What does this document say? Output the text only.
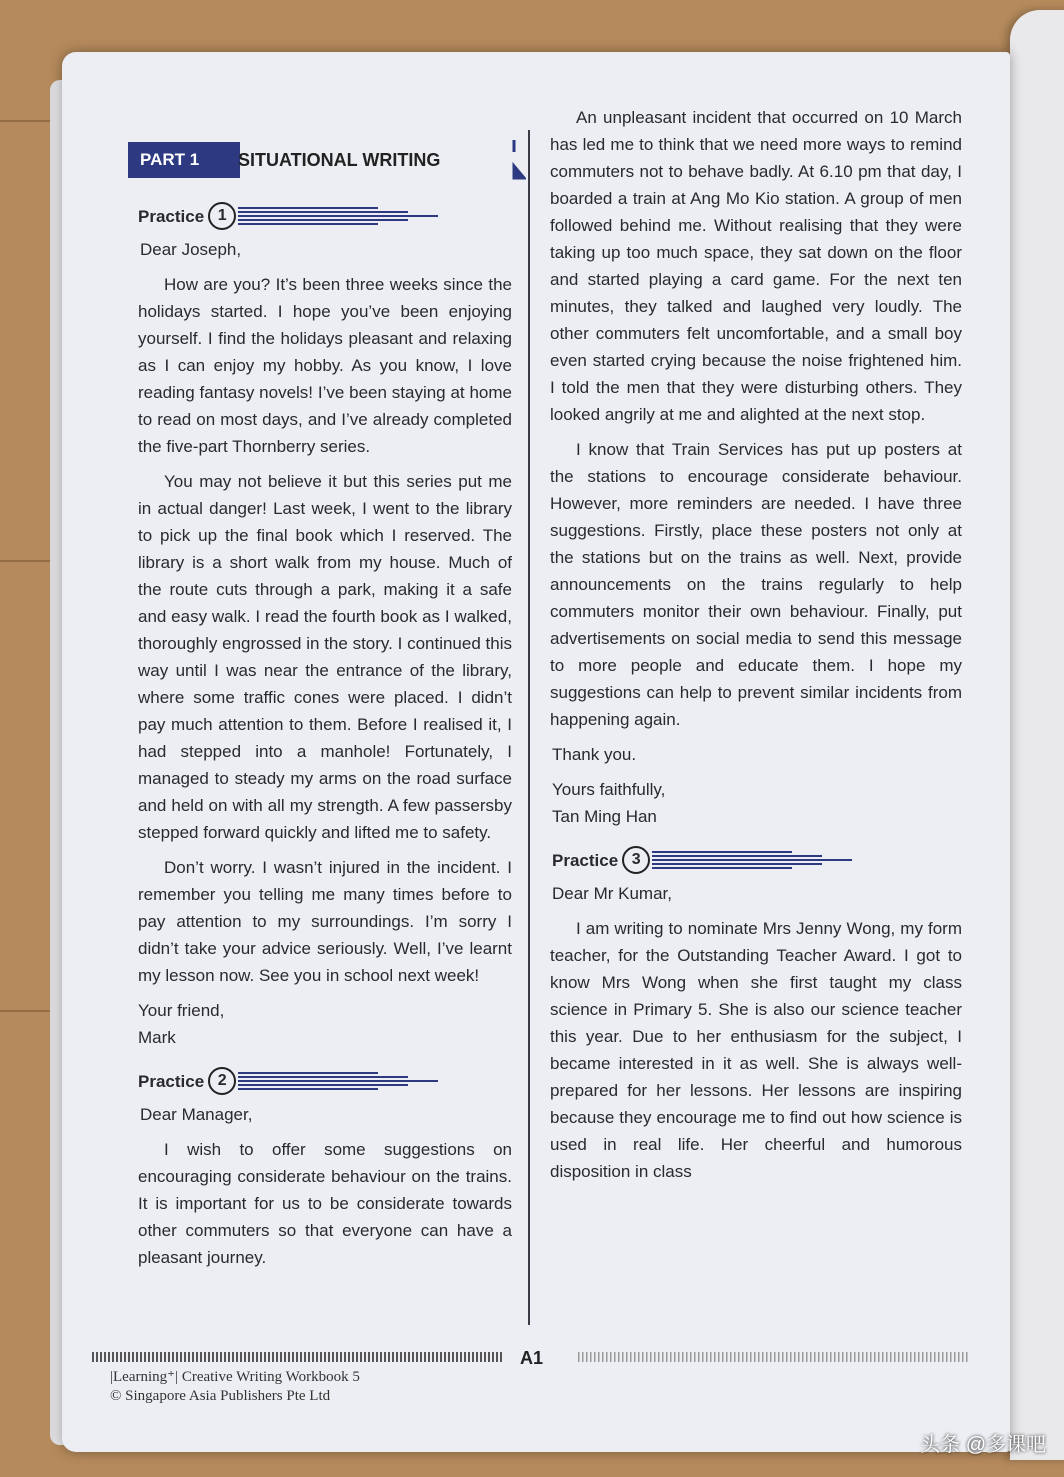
PART 1	SITUATIONAL WRITING
Practice 1

Dear Joseph,

How are you? It’s been three weeks since the holidays started. I hope you’ve been enjoying yourself. I find the holidays pleasant and relaxing as I can enjoy my hobby. As you know, I love reading fantasy novels! I’ve been staying at home to read on most days, and I’ve already completed the five-part Thornberry series.

You may not believe it but this series put me in actual danger! Last week, I went to the library to pick up the final book which I reserved. The library is a short walk from my house. Much of the route cuts through a park, making it a safe and easy walk. I read the fourth book as I walked, thoroughly engrossed in the story. I continued this way until I was near the entrance of the library, where some traffic cones were placed. I didn’t pay much attention to them. Before I realised it, I had stepped into a manhole! Fortunately, I managed to steady my arms on the road surface and held on with all my strength. A few passersby stepped forward quickly and lifted me to safety.

Don’t worry. I wasn’t injured in the incident. I remember you telling me many times before to pay attention to my surroundings. I’m sorry I didn’t take your advice seriously. Well, I’ve learnt my lesson now. See you in school next week!

Your friend,

Mark

Practice 2

Dear Manager,

I wish to offer some suggestions on encouraging considerate behaviour on the trains. It is important for us to be considerate towards other commuters so that everyone can have a pleasant journey.

An unpleasant incident that occurred on 10 March has led me to think that we need more ways to remind commuters not to behave badly. At 6.10 pm that day, I boarded a train at Ang Mo Kio station. A group of men followed behind me. Without realising that they were taking up too much space, they sat down on the floor and started playing a card game. For the next ten minutes, they talked and laughed very loudly. The other commuters felt uncomfortable, and a small boy even started crying because the noise frightened him. I told the men that they were disturbing others. They looked angrily at me and alighted at the next stop.

I know that Train Services has put up posters at the stations to encourage considerate behaviour. However, more reminders are needed. I have three suggestions. Firstly, place these posters not only at the stations but on the trains as well. Next, provide announcements on the trains regularly to help commuters monitor their own behaviour. Finally, put advertisements on social media to send this message to more people and educate them. I hope my suggestions can help to prevent similar incidents from happening again.

Thank you.

Yours faithfully,

Tan Ming Han

Practice 3

Dear Mr Kumar,

I am writing to nominate Mrs Jenny Wong, my form teacher, for the Outstanding Teacher Award. I got to know Mrs Wong when she first taught my class science in Primary 5. She is also our science teacher this year. Due to her enthusiasm for the subject, I became interested in it as well. She is always well-prepared for her lessons. Her lessons are inspiring because they encourage me to find out how science is used in real life. Her cheerful and humorous disposition in class

A1
|Learning⁺| Creative Writing Workbook 5
© Singapore Asia Publishers Pte Ltd
头条 @多课吧
